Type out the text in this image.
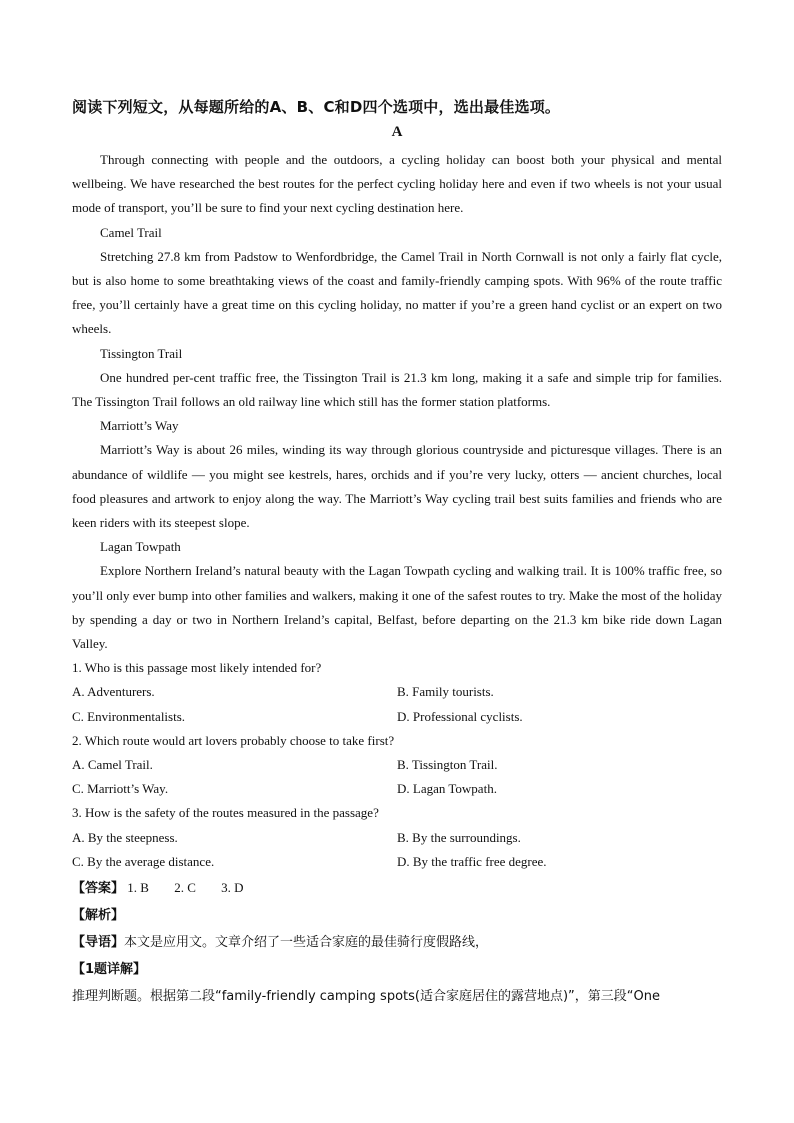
阅读下列短文，从每题所给的A、B、C和D四个选项中，选出最佳选项。

A

Through connecting with people and the outdoors, a cycling holiday can boost both your physical and mental wellbeing. We have researched the best routes for the perfect cycling holiday here and even if two wheels is not your usual mode of transport, you’ll be sure to find your next cycling destination here.

Camel Trail

Stretching 27.8 km from Padstow to Wenfordbridge, the Camel Trail in North Cornwall is not only a fairly flat cycle, but is also home to some breathtaking views of the coast and family-friendly camping spots. With 96% of the route traffic free, you’ll certainly have a great time on this cycling holiday, no matter if you’re a green hand cyclist or an expert on two wheels.

Tissington Trail

One hundred per-cent traffic free, the Tissington Trail is 21.3 km long, making it a safe and simple trip for families. The Tissington Trail follows an old railway line which still has the former station platforms.

Marriott’s Way

Marriott’s Way is about 26 miles, winding its way through glorious countryside and picturesque villages. There is an abundance of wildlife — you might see kestrels, hares, orchids and if you’re very lucky, otters — ancient churches, local food pleasures and artwork to enjoy along the way. The Marriott’s Way cycling trail best suits families and friends who are keen riders with its steepest slope.

Lagan Towpath

Explore Northern Ireland’s natural beauty with the Lagan Towpath cycling and walking trail. It is 100% traffic free, so you’ll only ever bump into other families and walkers, making it one of the safest routes to try. Make the most of the holiday by spending a day or two in Northern Ireland’s capital, Belfast, before departing on the 21.3 km bike ride down Lagan Valley.

1. Who is this passage most likely intended for?

A. Adventurers.	B. Family tourists.
C. Environmentalists.	D. Professional cyclists.

2. Which route would art lovers probably choose to take first?

A. Camel Trail.	B. Tissington Trail.
C. Marriott’s Way.	D. Lagan Towpath.

3. How is the safety of the routes measured in the passage?

A. By the steepness.	B. By the surroundings.
C. By the average distance.	D. By the traffic free degree.

【答案】 1. B 2. C 3. D

【解析】

【导语】本文是应用文。文章介绍了一些适合家庭的最佳骑行度假路线，

【1题详解】

推理判断题。根据第二段“family-friendly camping spots(适合家庭居住的露营地点)”，第三段“One
